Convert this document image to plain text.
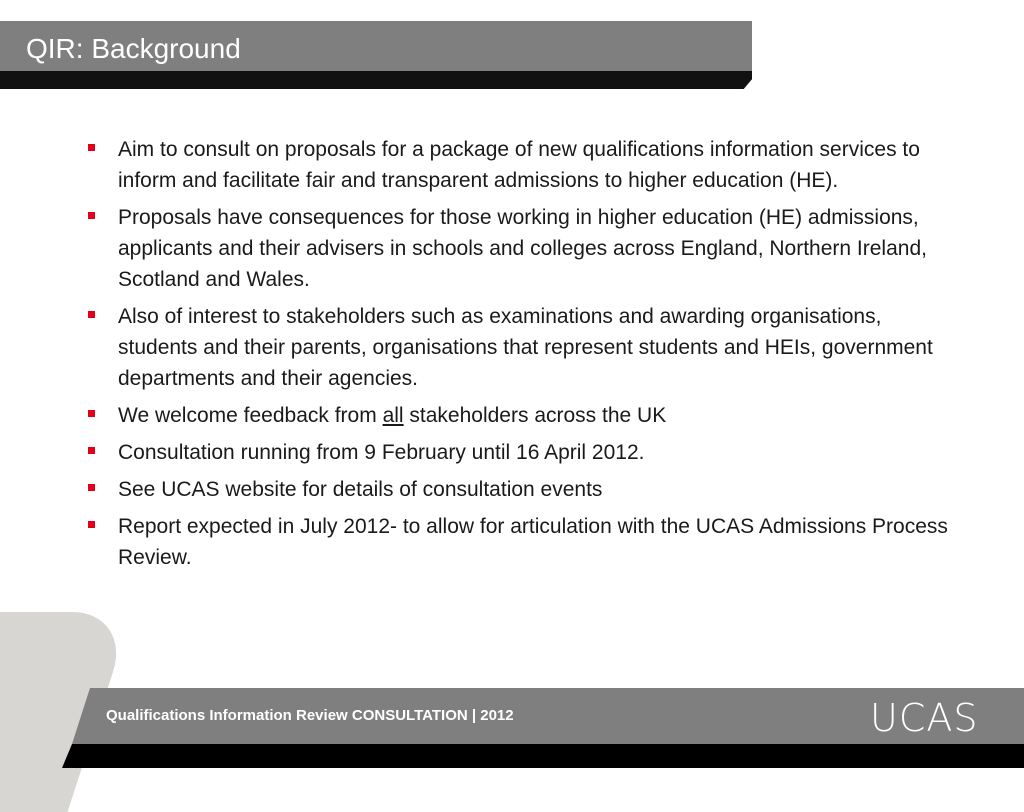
QIR: Background
Aim to consult on proposals for a package of new qualifications information services to inform and facilitate fair and transparent admissions to higher education (HE).
Proposals have consequences for those working in higher education (HE) admissions, applicants and their advisers in schools and colleges across England, Northern Ireland, Scotland and Wales.
Also of interest to stakeholders such as examinations and awarding organisations, students and their parents, organisations that represent students and HEIs, government departments and their agencies.
We welcome feedback from all stakeholders across the UK
Consultation running from 9 February until 16 April 2012.
See UCAS website for details of consultation events
Report expected in July 2012- to allow for articulation with the UCAS Admissions Process Review.
Qualifications Information Review CONSULTATION | 2012	UCAS
